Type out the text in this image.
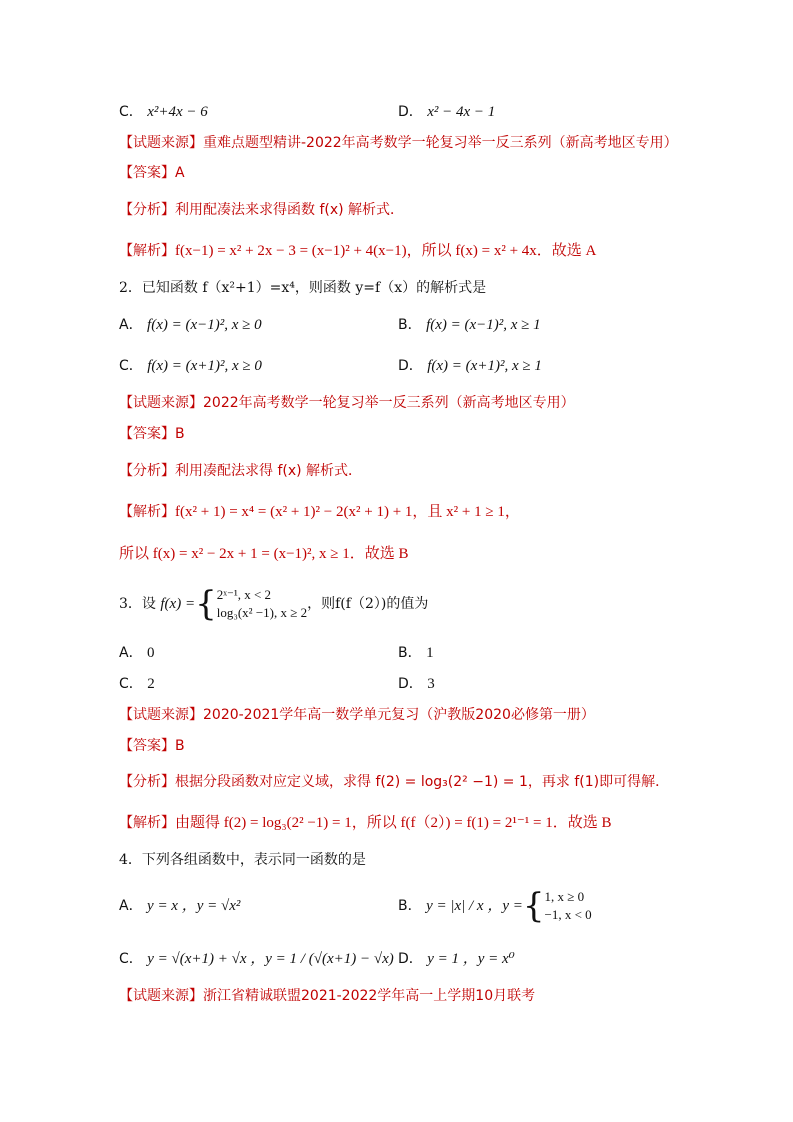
C． x²+4x − 6	D． x² − 4x − 1
【试题来源】重难点题型精讲-2022年高考数学一轮复习举一反三系列（新高考地区专用）
【答案】A
【分析】利用配凑法来求得函数 f(x) 解析式．
【解析】f(x−1) = x² + 2x − 3 = (x−1)² + 4(x−1)，所以 f(x) = x² + 4x．故选 A
2．已知函数 f（x²+1）=x⁴，则函数 y=f（x）的解析式是
A． f(x) = (x−1)², x ≥ 0	B． f(x) = (x−1)², x ≥ 1
C． f(x) = (x+1)², x ≥ 0	D． f(x) = (x+1)², x ≥ 1
【试题来源】2022年高考数学一轮复习举一反三系列（新高考地区专用）
【答案】B
【分析】利用凑配法求得 f(x) 解析式．
【解析】f(x² + 1) = x⁴ = (x² + 1)² − 2(x² + 1) + 1，且 x² + 1 ≥ 1，
所以 f(x) = x² − 2x + 1 = (x−1)², x ≥ 1．故选 B
3．设 f(x) ={ 2ˣ⁻¹, x < 2
log₃(x² −1), x ≥ 2
，则f(f（2）)的值为
A． 0	B． 1
C． 2	D． 3
【试题来源】2020-2021学年高一数学单元复习（沪教版2020必修第一册）
【答案】B
【分析】根据分段函数对应定义域，求得 f(2) = log₃(2² −1) = 1，再求 f(1)即可得解．
【解析】由题得 f(2) = log₃(2² −1) = 1，所以 f(f（2）) = f(1) = 2¹⁻¹ = 1．故选 B
4．下列各组函数中，表示同一函数的是
A． y = x ，y = √x²	B． y = |x| / x ，y ={ 1, x ≥ 0
−1, x < 0
C． y = √(x+1) + √x ，y = 1 / (√(x+1) − √x) D． y = 1 ，y = x⁰
【试题来源】浙江省精诚联盟2021-2022学年高一上学期10月联考
